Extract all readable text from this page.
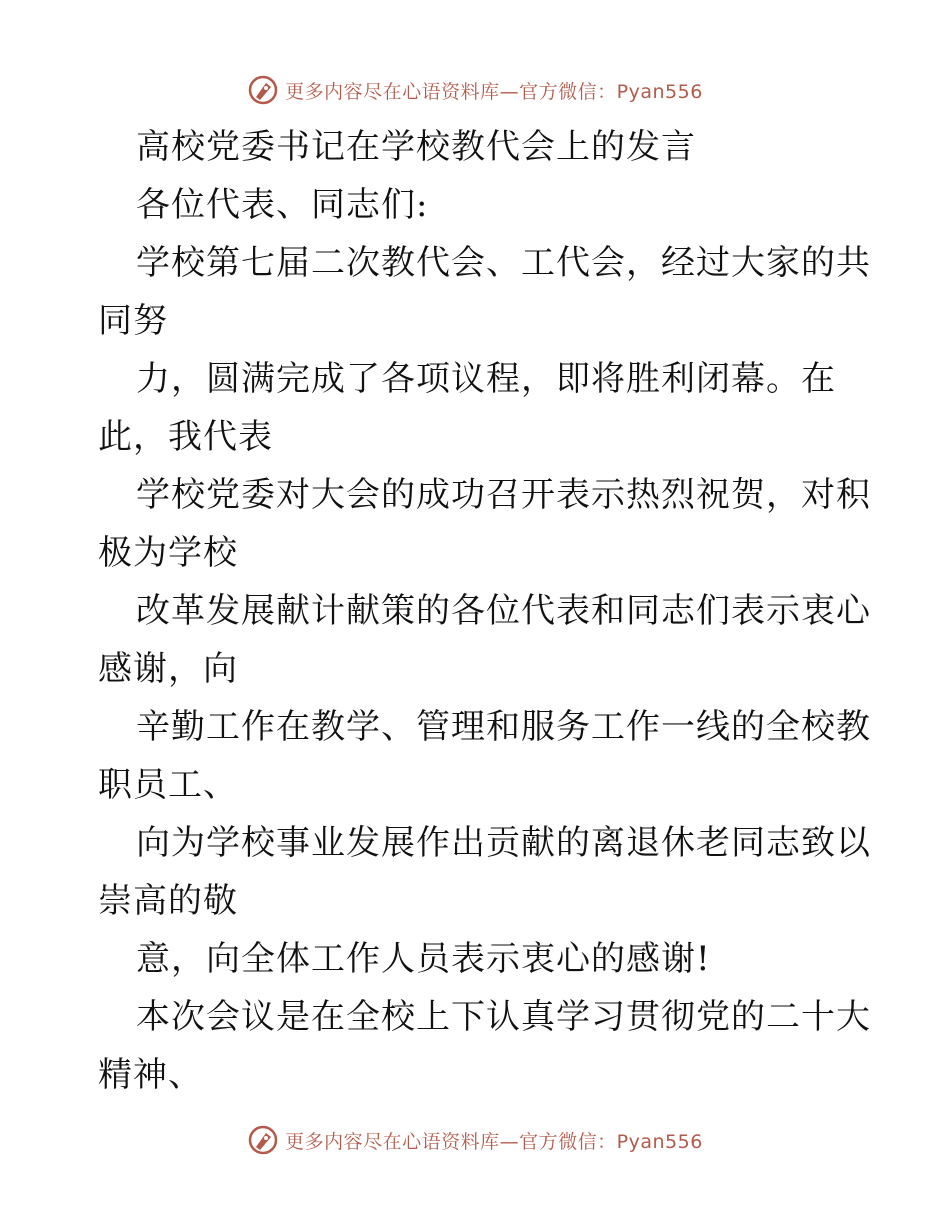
更多内容尽在心语资料库—官方微信：Pyan556
高校党委书记在学校教代会上的发言
各位代表、同志们:
学校第七届二次教代会、工代会，经过大家的共
同努
力，圆满完成了各项议程，即将胜利闭幕。在
此，我代表
学校党委对大会的成功召开表示热烈祝贺，对积
极为学校
改革发展献计献策的各位代表和同志们表示衷心
感谢，向
辛勤工作在教学、管理和服务工作一线的全校教
职员工、
向为学校事业发展作出贡献的离退休老同志致以
崇高的敬
意，向全体工作人员表示衷心的感谢!
本次会议是在全校上下认真学习贯彻党的二十大
精神、
更多内容尽在心语资料库—官方微信：Pyan556
